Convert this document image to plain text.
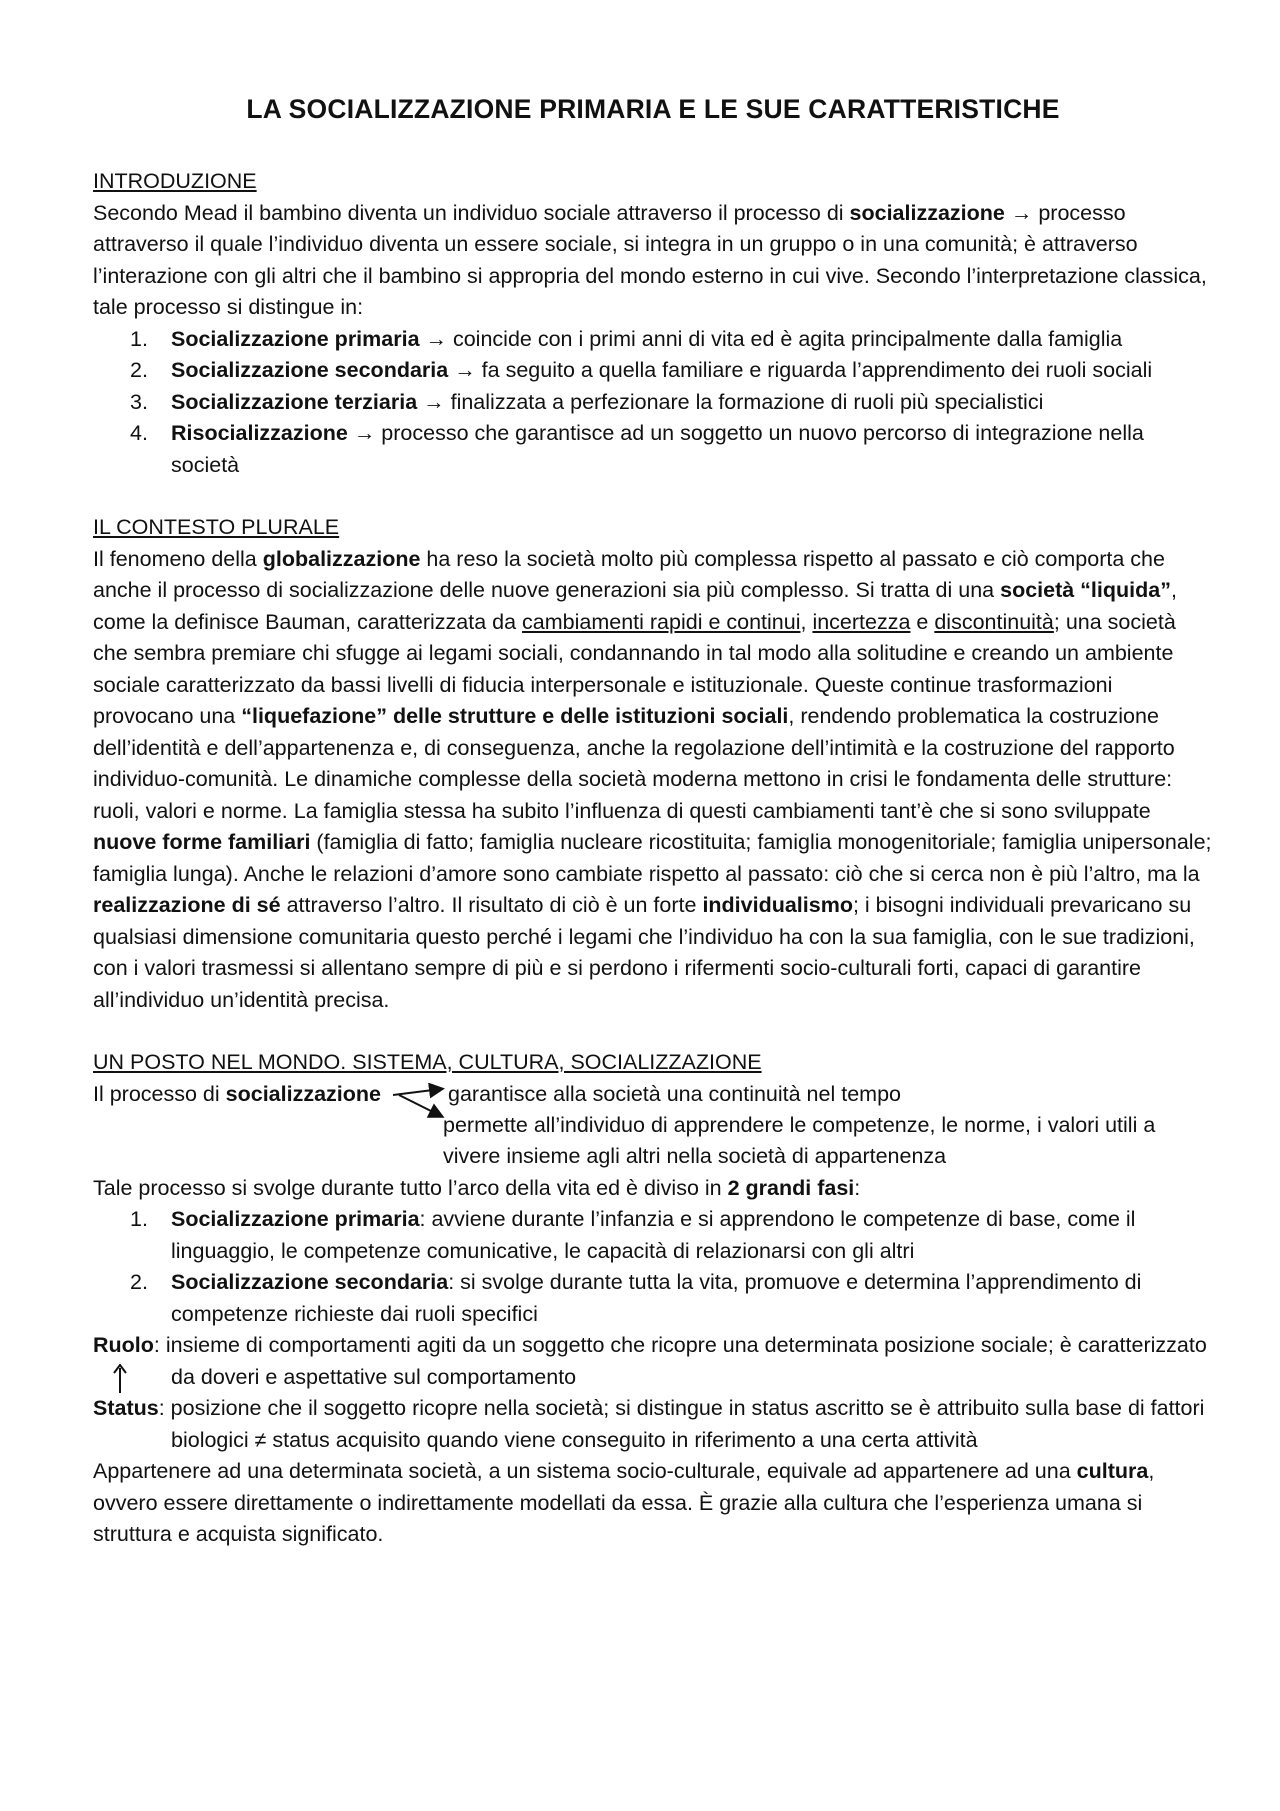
LA SOCIALIZZAZIONE PRIMARIA E LE SUE CARATTERISTICHE
INTRODUZIONE

Secondo Mead il bambino diventa un individuo sociale attraverso il processo di socializzazione → processo attraverso il quale l’individuo diventa un essere sociale, si integra in un gruppo o in una comunità; è attraverso l’interazione con gli altri che il bambino si appropria del mondo esterno in cui vive. Secondo l’interpretazione classica, tale processo si distingue in:

1. Socializzazione primaria → coincide con i primi anni di vita ed è agita principalmente dalla famiglia
2. Socializzazione secondaria → fa seguito a quella familiare e riguarda l’apprendimento dei ruoli sociali
3. Socializzazione terziaria → finalizzata a perfezionare la formazione di ruoli più specialistici
4. Risocializzazione → processo che garantisce ad un soggetto un nuovo percorso di integrazione nella società
IL CONTESTO PLURALE

Il fenomeno della globalizzazione ha reso la società molto più complessa rispetto al passato e ciò comporta che anche il processo di socializzazione delle nuove generazioni sia più complesso. Si tratta di una società “liquida”, come la definisce Bauman, caratterizzata da cambiamenti rapidi e continui, incertezza e discontinuità; una società che sembra premiare chi sfugge ai legami sociali, condannando in tal modo alla solitudine e creando un ambiente sociale caratterizzato da bassi livelli di fiducia interpersonale e istituzionale. Queste continue trasformazioni provocano una “liquefazione” delle strutture e delle istituzioni sociali, rendendo problematica la costruzione dell’identità e dell’appartenenza e, di conseguenza, anche la regolazione dell’intimità e la costruzione del rapporto individuo-comunità. Le dinamiche complesse della società moderna mettono in crisi le fondamenta delle strutture: ruoli, valori e norme. La famiglia stessa ha subito l’influenza di questi cambiamenti tant’è che si sono sviluppate nuove forme familiari (famiglia di fatto; famiglia nucleare ricostituita; famiglia monogenitoriale; famiglia unipersonale; famiglia lunga). Anche le relazioni d’amore sono cambiate rispetto al passato: ciò che si cerca non è più l’altro, ma la realizzazione di sé attraverso l’altro. Il risultato di ciò è un forte individualismo; i bisogni individuali prevaricano su qualsiasi dimensione comunitaria questo perché i legami che l’individuo ha con la sua famiglia, con le sue tradizioni, con i valori trasmessi si allentano sempre di più e si perdono i rifermenti socio-culturali forti, capaci di garantire all’individuo un’identità precisa.

UN POSTO NEL MONDO. SISTEMA, CULTURA, SOCIALIZZAZIONE
Il processo di socializzazione	garantisce alla società una continuità nel tempo
permette all’individuo di apprendere le competenze, le norme, i valori utili a vivere insieme agli altri nella società di appartenenza

Tale processo si svolge durante tutto l’arco della vita ed è diviso in 2 grandi fasi:

1. Socializzazione primaria: avviene durante l’infanzia e si apprendono le competenze di base, come il linguaggio, le competenze comunicative, le capacità di relazionarsi con gli altri
2. Socializzazione secondaria: si svolge durante tutta la vita, promuove e determina l’apprendimento di competenze richieste dai ruoli specifici
Ruolo : insieme di comportamenti agiti da un soggetto che ricopre una determinata posizione sociale; è caratterizzato da doveri e aspettative sul comportamento
Status : posizione che il soggetto ricopre nella società; si distingue in status ascritto se è attribuito sulla base di fattori biologici ≠ status acquisito quando viene conseguito in riferimento a una certa attività

Appartenere ad una determinata società, a un sistema socio-culturale, equivale ad appartenere ad una cultura, ovvero essere direttamente o indirettamente modellati da essa. È grazie alla cultura che l’esperienza umana si struttura e acquista significato.
